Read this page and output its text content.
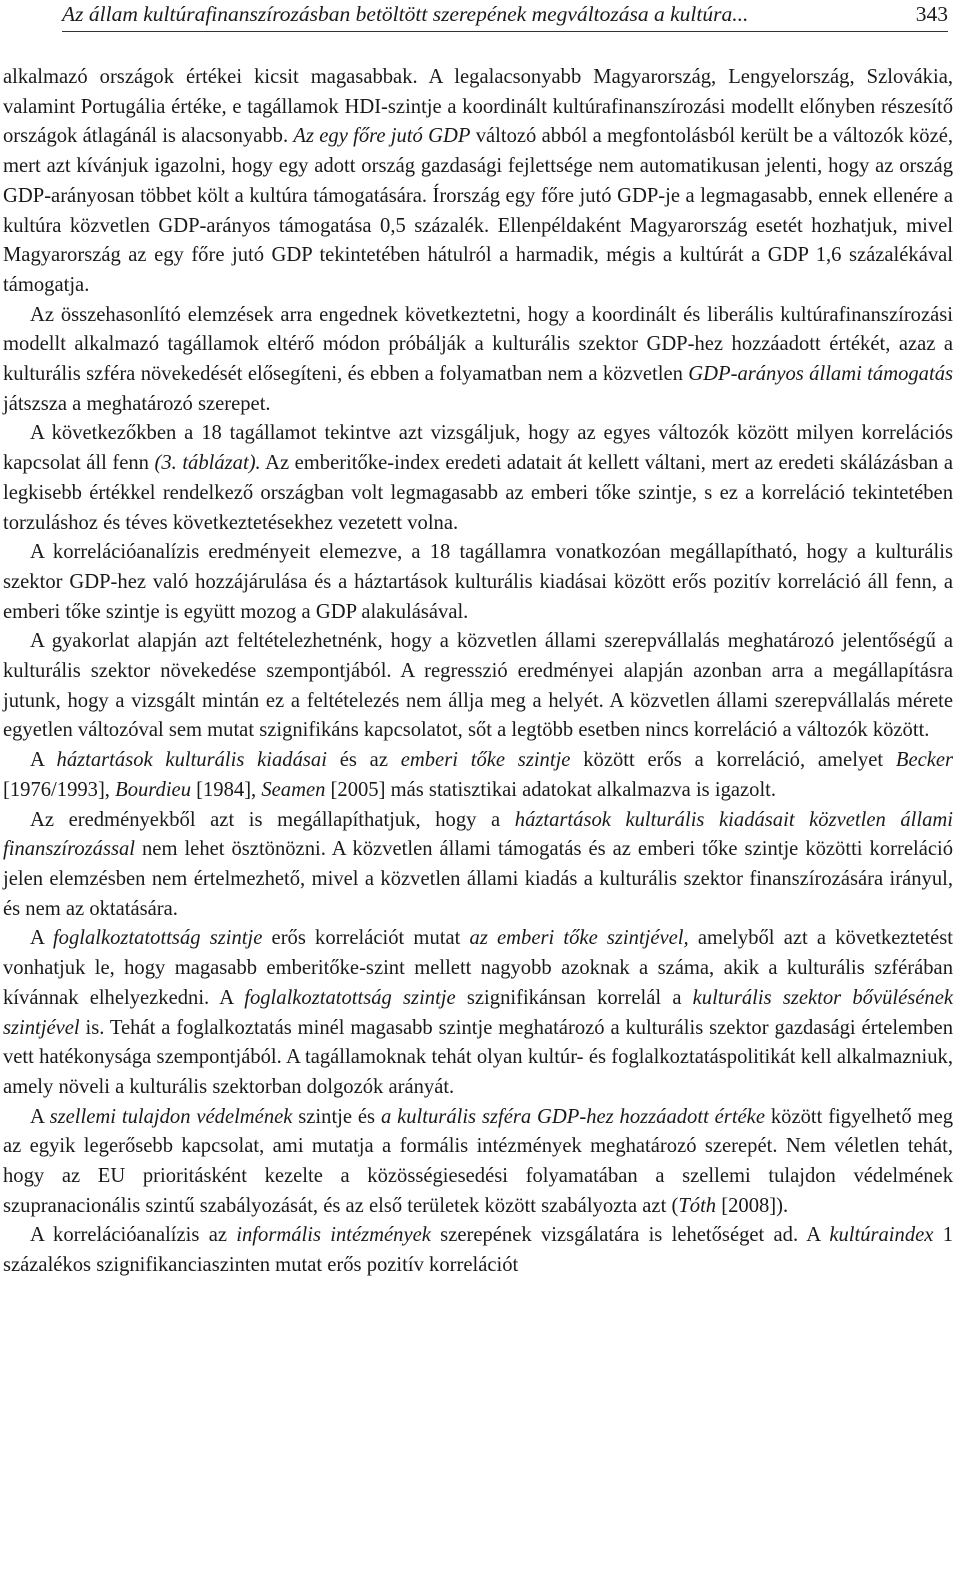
Az állam kultúrafinanszírozásban betöltött szerepének megváltozása a kultúra...	343

alkalmazó országok értékei kicsit magasabbak. A legalacsonyabb Magyarország, Lengyelország, Szlovákia, valamint Portugália értéke, e tagállamok HDI-szintje a koordinált kultúrafinanszírozási modellt előnyben részesítő országok átlagánál is alacsonyabb. Az egy főre jutó GDP változó abból a megfontolásból került be a változók közé, mert azt kívánjuk igazolni, hogy egy adott ország gazdasági fejlettsége nem automatikusan jelenti, hogy az ország GDP-arányosan többet költ a kultúra támogatására. Írország egy főre jutó GDP-je a legmagasabb, ennek ellenére a kultúra közvetlen GDP-arányos támogatása 0,5 százalék. Ellenpéldaként Magyarország esetét hozhatjuk, mivel Magyarország az egy főre jutó GDP tekintetében hátulról a harmadik, mégis a kultúrát a GDP 1,6 százalékával támogatja.

Az összehasonlító elemzések arra engednek következtetni, hogy a koordinált és liberális kultúrafinanszírozási modellt alkalmazó tagállamok eltérő módon próbálják a kulturális szektor GDP-hez hozzáadott értékét, azaz a kulturális szféra növekedését elősegíteni, és ebben a folyamatban nem a közvetlen GDP-arányos állami támogatás játszsza a meghatározó szerepet.

A következőkben a 18 tagállamot tekintve azt vizsgáljuk, hogy az egyes változók között milyen korrelációs kapcsolat áll fenn (3. táblázat). Az emberitőke-index eredeti adatait át kellett váltani, mert az eredeti skálázásban a legkisebb értékkel rendelkező országban volt legmagasabb az emberi tőke szintje, s ez a korreláció tekintetében torzuláshoz és téves következtetésekhez vezetett volna.

A korrelációanalízis eredményeit elemezve, a 18 tagállamra vonatkozóan megállapítható, hogy a kulturális szektor GDP-hez való hozzájárulása és a háztartások kulturális kiadásai között erős pozitív korreláció áll fenn, a emberi tőke szintje is együtt mozog a GDP alakulásával.

A gyakorlat alapján azt feltételezhetnénk, hogy a közvetlen állami szerepvállalás meghatározó jelentőségű a kulturális szektor növekedése szempontjából. A regresszió eredményei alapján azonban arra a megállapításra jutunk, hogy a vizsgált mintán ez a feltételezés nem állja meg a helyét. A közvetlen állami szerepvállalás mérete egyetlen változóval sem mutat szignifikáns kapcsolatot, sőt a legtöbb esetben nincs korreláció a változók között.

A háztartások kulturális kiadásai és az emberi tőke szintje között erős a korreláció, amelyet Becker [1976/1993], Bourdieu [1984], Seamen [2005] más statisztikai adatokat alkalmazva is igazolt.

Az eredményekből azt is megállapíthatjuk, hogy a háztartások kulturális kiadásait közvetlen állami finanszírozással nem lehet ösztönözni. A közvetlen állami támogatás és az emberi tőke szintje közötti korreláció jelen elemzésben nem értelmezhető, mivel a közvetlen állami kiadás a kulturális szektor finanszírozására irányul, és nem az oktatására.

A foglalkoztatottság szintje erős korrelációt mutat az emberi tőke szintjével, amelyből azt a következtetést vonhatjuk le, hogy magasabb emberitőke-szint mellett nagyobb azoknak a száma, akik a kulturális szférában kívánnak elhelyezkedni. A foglalkoztatottság szintje szignifikánsan korrelál a kulturális szektor bővülésének szintjével is. Tehát a foglalkoztatás minél magasabb szintje meghatározó a kulturális szektor gazdasági értelemben vett hatékonysága szempontjából. A tagállamoknak tehát olyan kultúr- és foglalkoztatáspolitikát kell alkalmazniuk, amely növeli a kulturális szektorban dolgozók arányát.

A szellemi tulajdon védelmének szintje és a kulturális szféra GDP-hez hozzáadott értéke között figyelhető meg az egyik legerősebb kapcsolat, ami mutatja a formális intézmények meghatározó szerepét. Nem véletlen tehát, hogy az EU prioritásként kezelte a közösségiesedési folyamatában a szellemi tulajdon védelmének szupranacionális szintű szabályozását, és az első területek között szabályozta azt (Tóth [2008]).

A korrelációanalízis az informális intézmények szerepének vizsgálatára is lehetőséget ad. A kultúraindex 1 százalékos szignifikanciaszinten mutat erős pozitív korrelációt
